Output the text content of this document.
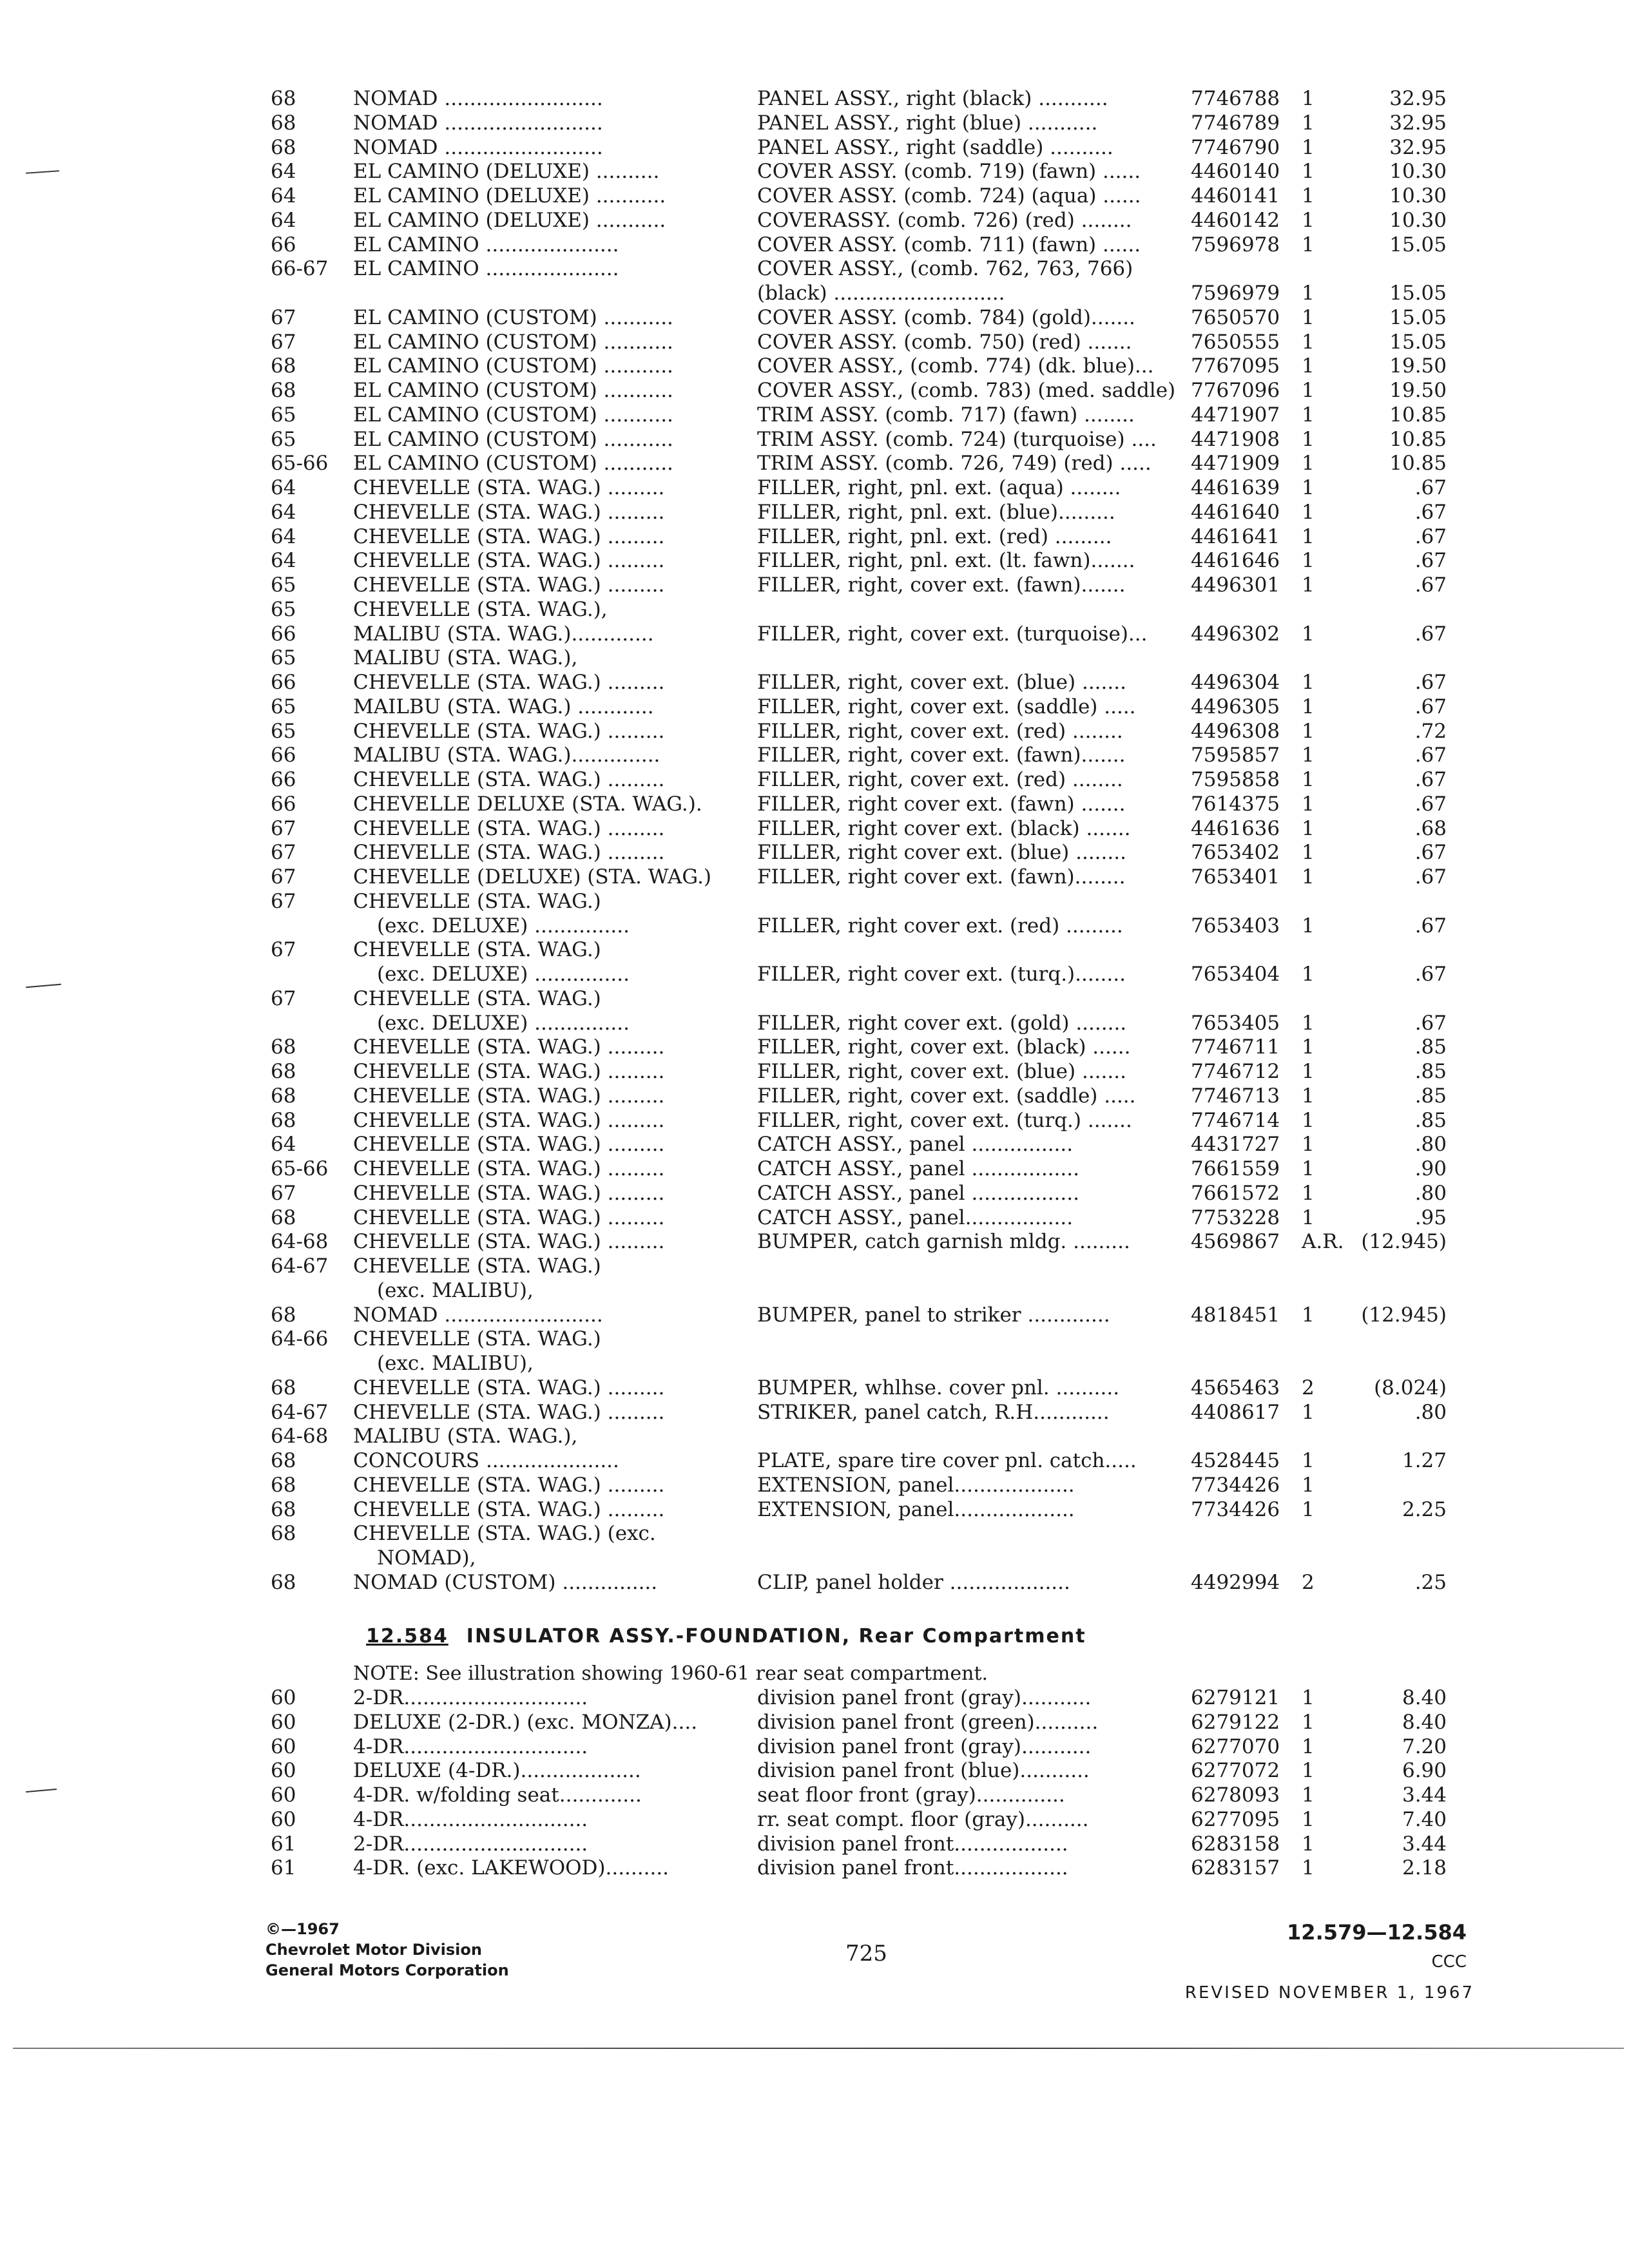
68	NOMAD .........................	PANEL ASSY., right (black) ...........	7746788 1	32.95
68	NOMAD .........................	PANEL ASSY., right (blue) ...........	7746789 1	32.95
68	NOMAD .........................	PANEL ASSY., right (saddle) ..........	7746790 1	32.95
64	EL CAMINO (DELUXE) ..........	COVER ASSY. (comb. 719) (fawn) ......	4460140 1	10.30
64	EL CAMINO (DELUXE) ...........	COVER ASSY. (comb. 724) (aqua) ......	4460141 1	10.30
64	EL CAMINO (DELUXE) ...........	COVERASSY. (comb. 726) (red) ........	4460142 1	10.30
66	EL CAMINO .....................	COVER ASSY. (comb. 711) (fawn) ......	7596978 1	15.05
66-67 EL CAMINO .....................	COVER ASSY., (comb. 762, 763, 766)
(black) ...........................	7596979 1	15.05
67	EL CAMINO (CUSTOM) ...........	COVER ASSY. (comb. 784) (gold).......	7650570 1	15.05
67	EL CAMINO (CUSTOM) ...........	COVER ASSY. (comb. 750) (red) .......	7650555 1	15.05
68	EL CAMINO (CUSTOM) ...........	COVER ASSY., (comb. 774) (dk. blue)... 7767095 1	19.50
68	EL CAMINO (CUSTOM) ...........	COVER ASSY., (comb. 783) (med. saddle) 7767096 1	19.50
65	EL CAMINO (CUSTOM) ...........	TRIM ASSY. (comb. 717) (fawn) ........	4471907 1	10.85
65	EL CAMINO (CUSTOM) ...........	TRIM ASSY. (comb. 724) (turquoise) .... 4471908 1	10.85
65-66 EL CAMINO (CUSTOM) ...........	TRIM ASSY. (comb. 726, 749) (red) ..... 4471909 1	10.85
64	CHEVELLE (STA. WAG.) .........	FILLER, right, pnl. ext. (aqua) ........	4461639 1	.67
64	CHEVELLE (STA. WAG.) .........	FILLER, right, pnl. ext. (blue).........	4461640 1	.67
64	CHEVELLE (STA. WAG.) .........	FILLER, right, pnl. ext. (red) .........	4461641 1	.67
64	CHEVELLE (STA. WAG.) .........	FILLER, right, pnl. ext. (lt. fawn).......	4461646 1	.67
65	CHEVELLE (STA. WAG.) .........	FILLER, right, cover ext. (fawn).......	4496301 1	.67
65	CHEVELLE (STA. WAG.),
66	MALIBU (STA. WAG.).............	FILLER, right, cover ext. (turquoise)... 4496302 1	.67
65	MALIBU (STA. WAG.),
66	CHEVELLE (STA. WAG.) .........	FILLER, right, cover ext. (blue) .......	4496304 1	.67
65	MAILBU (STA. WAG.) ............	FILLER, right, cover ext. (saddle) .....	4496305 1	.67
65	CHEVELLE (STA. WAG.) .........	FILLER, right, cover ext. (red) ........	4496308 1	.72
66	MALIBU (STA. WAG.)..............	FILLER, right, cover ext. (fawn).......	7595857 1	.67
66	CHEVELLE (STA. WAG.) .........	FILLER, right, cover ext. (red) ........	7595858 1	.67
66	CHEVELLE DELUXE (STA. WAG.).	FILLER, right cover ext. (fawn) .......	7614375 1	.67
67	CHEVELLE (STA. WAG.) .........	FILLER, right cover ext. (black) .......	4461636 1	.68
67	CHEVELLE (STA. WAG.) .........	FILLER, right cover ext. (blue) ........	7653402 1	.67
67	CHEVELLE (DELUXE) (STA. WAG.) FILLER, right cover ext. (fawn)........	7653401 1	.67
67	CHEVELLE (STA. WAG.)
(exc. DELUXE) ...............	FILLER, right cover ext. (red) .........	7653403 1	.67
67	CHEVELLE (STA. WAG.)
(exc. DELUXE) ...............	FILLER, right cover ext. (turq.)........	7653404 1	.67
67	CHEVELLE (STA. WAG.)
(exc. DELUXE) ...............	FILLER, right cover ext. (gold) ........	7653405 1	.67
68	CHEVELLE (STA. WAG.) .........	FILLER, right, cover ext. (black) ......	7746711 1	.85
68	CHEVELLE (STA. WAG.) .........	FILLER, right, cover ext. (blue) .......	7746712 1	.85
68	CHEVELLE (STA. WAG.) .........	FILLER, right, cover ext. (saddle) .....	7746713 1	.85
68	CHEVELLE (STA. WAG.) .........	FILLER, right, cover ext. (turq.) .......	7746714 1	.85
64	CHEVELLE (STA. WAG.) .........	CATCH ASSY., panel ................	4431727 1	.80
65-66 CHEVELLE (STA. WAG.) .........	CATCH ASSY., panel .................	7661559 1	.90
67	CHEVELLE (STA. WAG.) .........	CATCH ASSY., panel .................	7661572 1	.80
68	CHEVELLE (STA. WAG.) .........	CATCH ASSY., panel.................	7753228 1	.95
64-68 CHEVELLE (STA. WAG.) .........	BUMPER, catch garnish mldg. .........	4569867 A.R. (12.945)
64-67 CHEVELLE (STA. WAG.)
(exc. MALIBU),
68	NOMAD .........................	BUMPER, panel to striker .............	4818451 1	(12.945)
64-66 CHEVELLE (STA. WAG.)
(exc. MALIBU),
68	CHEVELLE (STA. WAG.) .........	BUMPER, whlhse. cover pnl. ..........	4565463 2	(8.024)
64-67 CHEVELLE (STA. WAG.) .........	STRIKER, panel catch, R.H............	4408617 1	.80
64-68 MALIBU (STA. WAG.),
68	CONCOURS .....................	PLATE, spare tire cover pnl. catch.....	4528445 1	1.27
68	CHEVELLE (STA. WAG.) .........	EXTENSION, panel...................	7734426 1
68	CHEVELLE (STA. WAG.) .........	EXTENSION, panel...................	7734426 1	2.25
68	CHEVELLE (STA. WAG.) (exc.
NOMAD),
68	NOMAD (CUSTOM) ...............	CLIP, panel holder ...................	4492994 2	.25
12.584 INSULATOR ASSY.-FOUNDATION, Rear Compartment
NOTE: See illustration showing 1960-61 rear seat compartment.
60	2-DR.............................	division panel front (gray)...........	6279121 1	8.40
60	DELUXE (2-DR.) (exc. MONZA)....	division panel front (green)..........	6279122 1	8.40
60	4-DR.............................	division panel front (gray)...........	6277070 1	7.20
60	DELUXE (4-DR.)...................	division panel front (blue)...........	6277072 1	6.90
60	4-DR. w/folding seat.............	seat floor front (gray)..............	6278093 1	3.44
60	4-DR.............................	rr. seat compt. floor (gray)..........	6277095 1	7.40
61	2-DR.............................	division panel front..................	6283158 1	3.44
61	4-DR. (exc. LAKEWOOD)..........	division panel front..................	6283157 1	2.18
©—1967
Chevrolet Motor Division
General Motors Corporation
725
12.579—12.584
CCC
REVISED NOVEMBER 1, 1967
